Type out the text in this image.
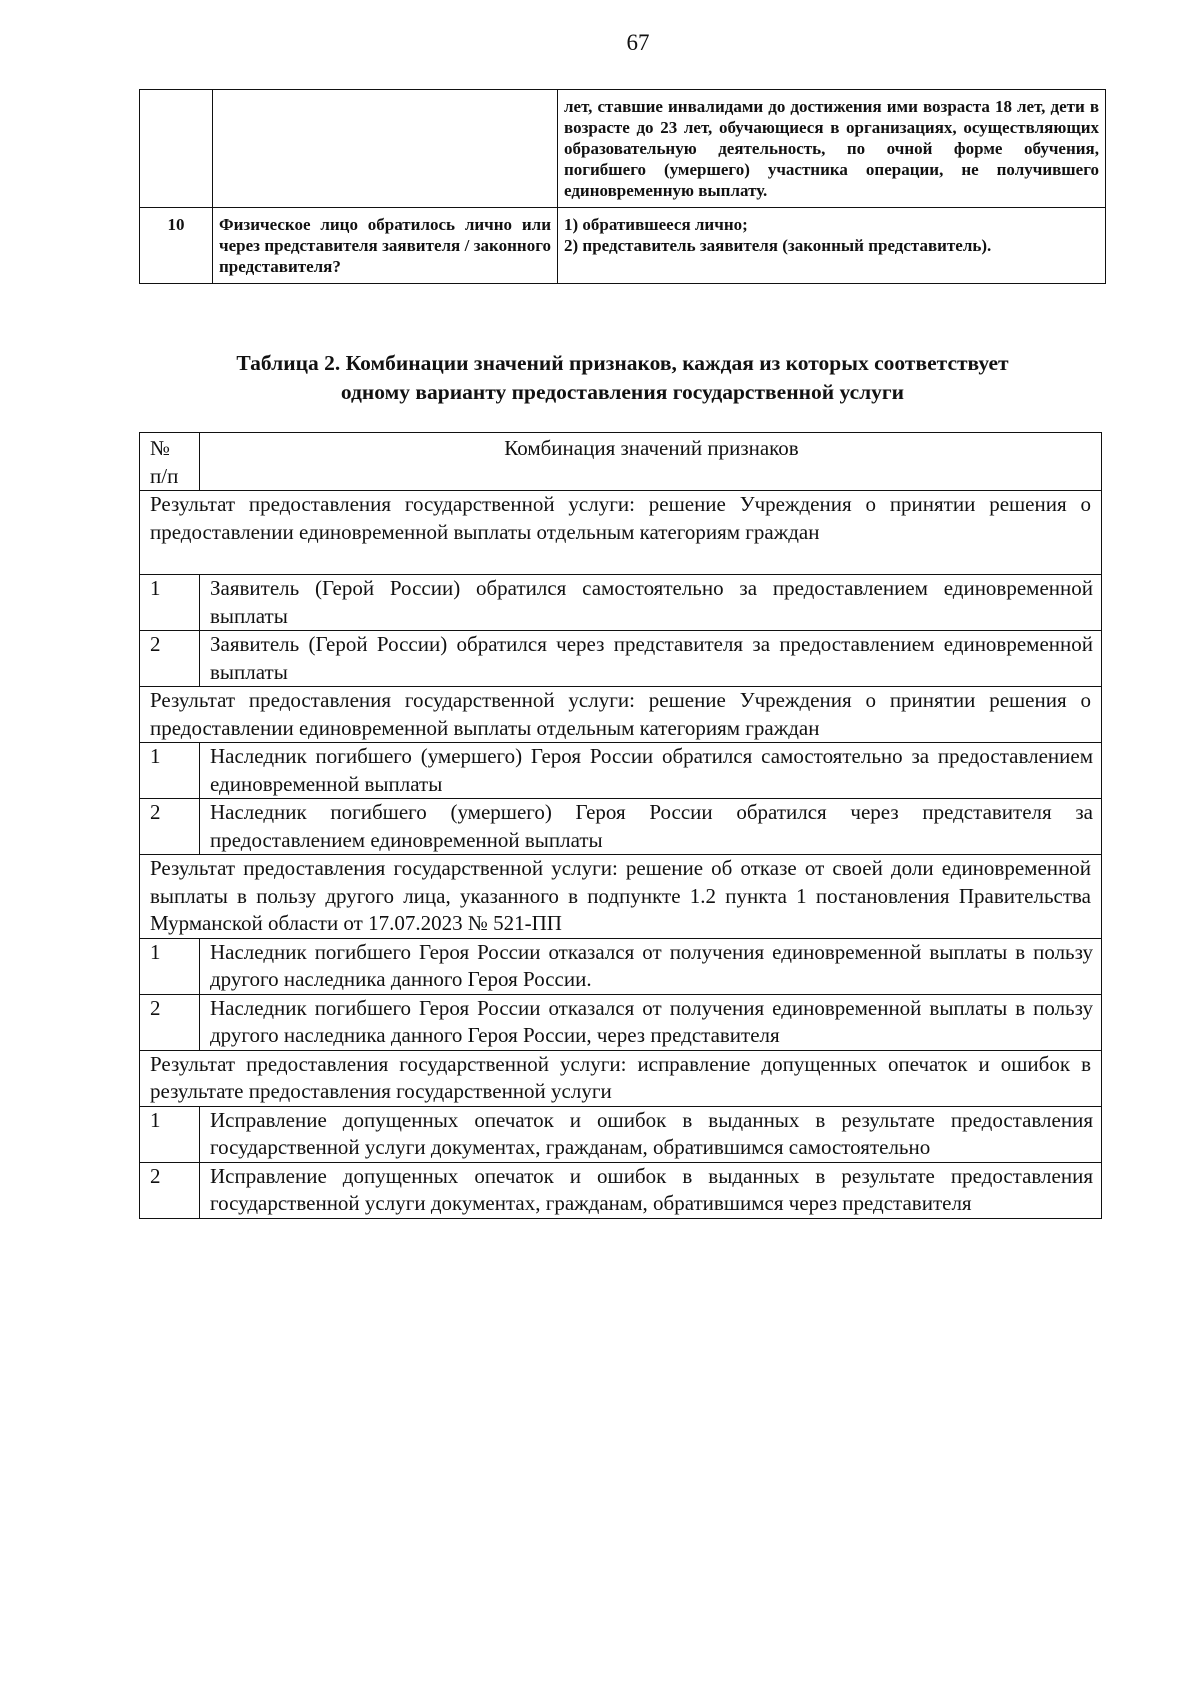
67
		лет, ставшие инвалидами до достижения ими возраста 18 лет, дети в возрасте до 23 лет, обучающиеся в организациях, осуществляющих образовательную деятельность, по очной форме обучения, погибшего (умершего) участника операции, не получившего единовременную выплату.
10	Физическое лицо обратилось лично или через представителя заявителя / законного представителя?	1) обратившееся лично;
2) представитель заявителя (законный представитель).
Таблица 2. Комбинации значений признаков, каждая из которых соответствует
одному варианту предоставления государственной услуги
№
п/п	Комбинация значений признаков
Результат предоставления государственной услуги: решение Учреждения о принятии решения о предоставлении единовременной выплаты отдельным категориям граждан	
1	Заявитель (Герой России) обратился самостоятельно за предоставлением единовременной выплаты
2	Заявитель (Герой России) обратился через представителя за предоставлением единовременной выплаты
Результат предоставления государственной услуги: решение Учреждения о принятии решения о предоставлении единовременной выплаты отдельным категориям граждан	
1	Наследник погибшего (умершего) Героя России обратился самостоятельно за предоставлением единовременной выплаты
2	Наследник погибшего (умершего) Героя России обратился через представителя за предоставлением единовременной выплаты
Результат предоставления государственной услуги: решение об отказе от своей доли единовременной выплаты в пользу другого лица, указанного в подпункте 1.2 пункта 1 постановления Правительства Мурманской области от 17.07.2023 № 521-ПП	
1	Наследник погибшего Героя России отказался от получения единовременной выплаты в пользу другого наследника данного Героя России.
2	Наследник погибшего Героя России отказался от получения единовременной выплаты в пользу другого наследника данного Героя России, через представителя
Результат предоставления государственной услуги: исправление допущенных опечаток и ошибок в результате предоставления государственной услуги	
1	Исправление допущенных опечаток и ошибок в выданных в результате предоставления государственной услуги документах, гражданам, обратившимся самостоятельно
2	Исправление допущенных опечаток и ошибок в выданных в результате предоставления государственной услуги документах, гражданам, обратившимся через представителя
